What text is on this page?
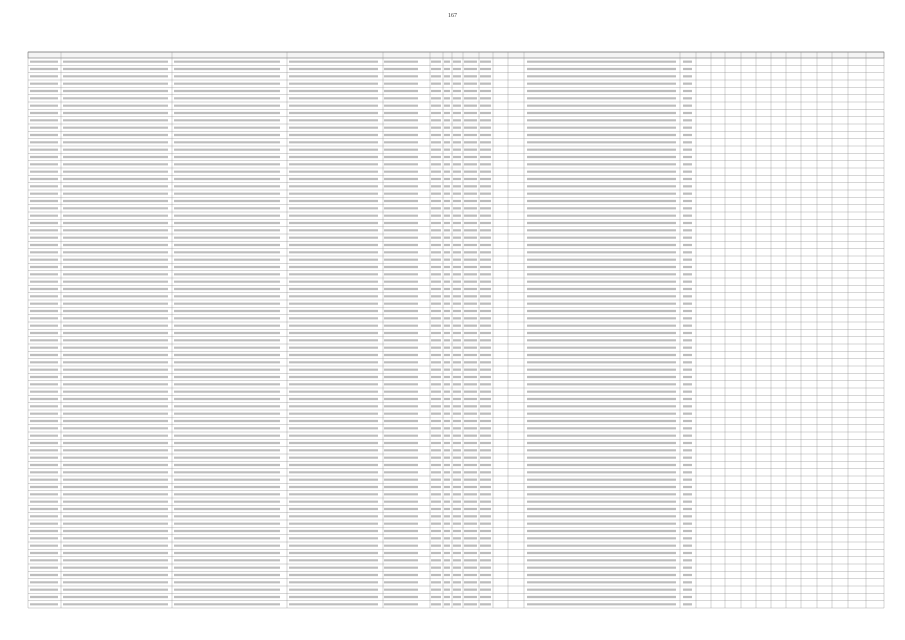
167
